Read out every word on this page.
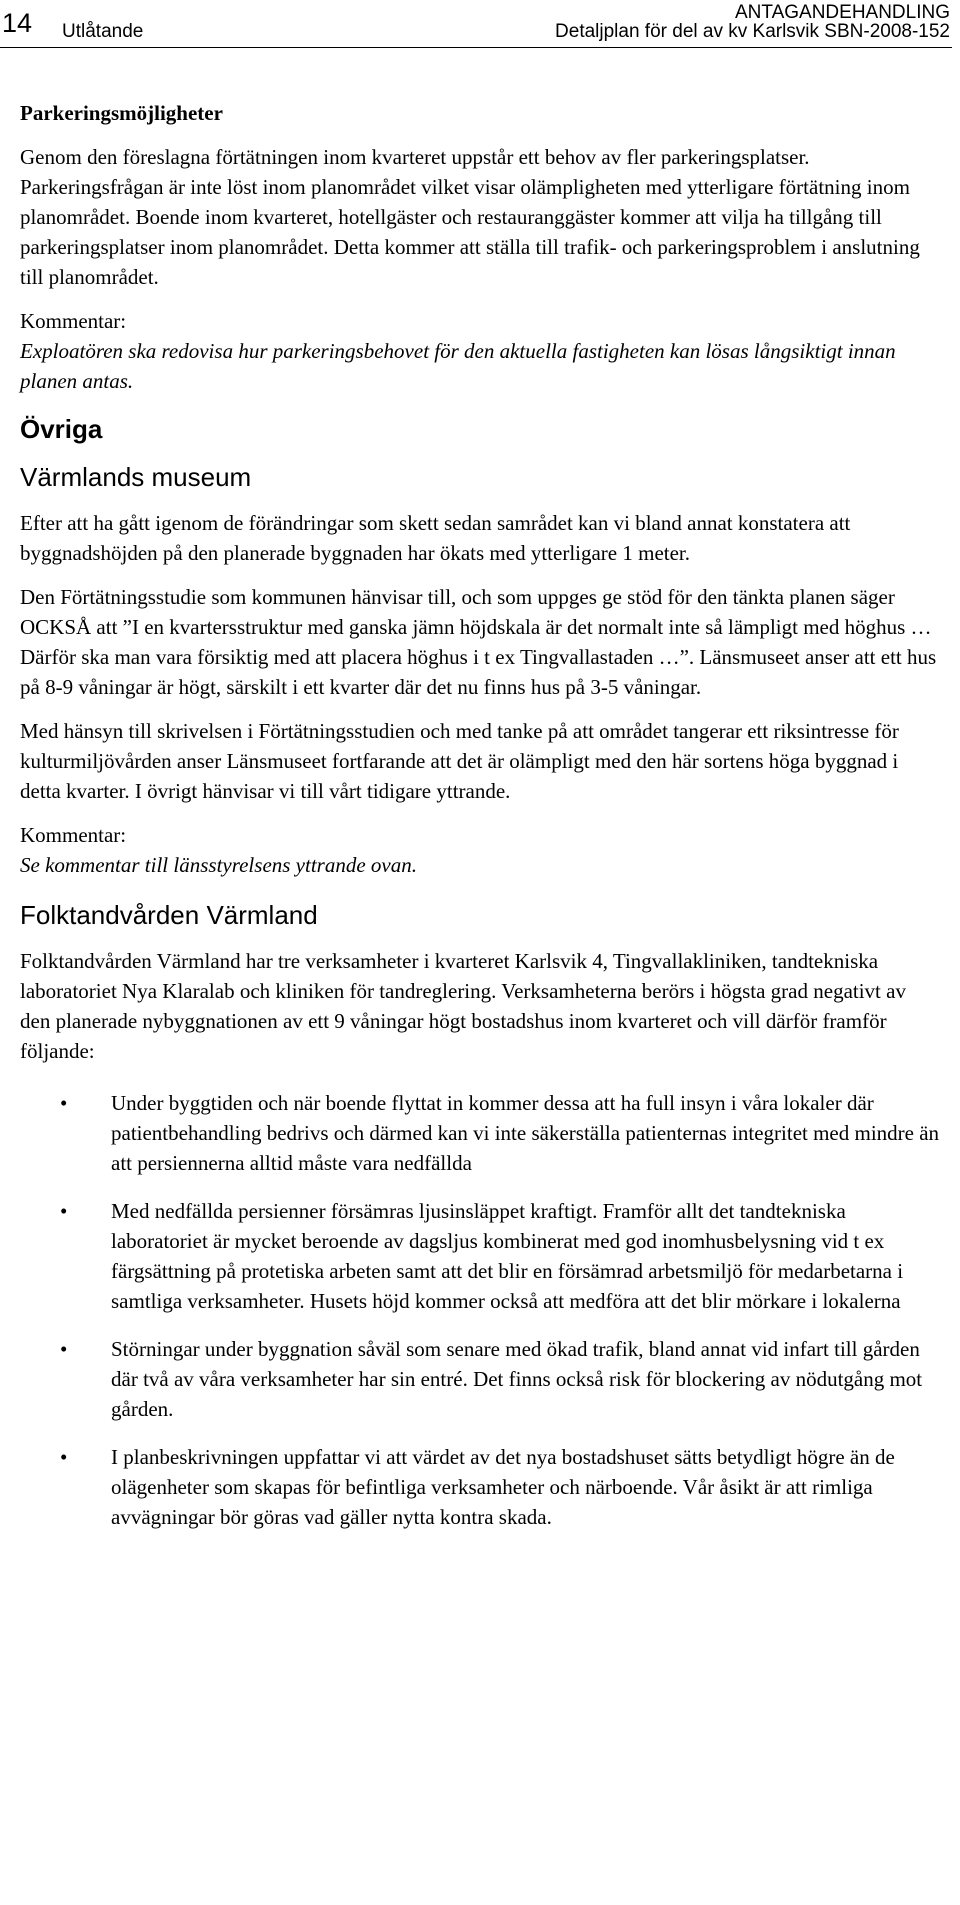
14 Utlåtande
ANTAGANDEHANDLING
Detaljplan för del av kv Karlsvik SBN-2008-152

Parkeringsmöjligheter

Genom den föreslagna förtätningen inom kvarteret uppstår ett behov av fler parkeringsplatser. Parkeringsfrågan är inte löst inom planområdet vilket visar olämpligheten med ytterligare förtätning inom planområdet. Boende inom kvarteret, hotellgäster och restauranggäster kommer att vilja ha tillgång till parkeringsplatser inom planområdet. Detta kommer att ställa till trafik- och parkeringsproblem i anslutning till planområdet.

Kommentar:

Exploatören ska redovisa hur parkeringsbehovet för den aktuella fastigheten kan lösas långsiktigt innan planen antas.

Övriga
Värmlands museum

Efter att ha gått igenom de förändringar som skett sedan samrådet kan vi bland annat konstatera att byggnadshöjden på den planerade byggnaden har ökats med ytterligare 1 meter.

Den Förtätningsstudie som kommunen hänvisar till, och som uppges ge stöd för den tänkta planen säger OCKSÅ att ”I en kvartersstruktur med ganska jämn höjdskala är det normalt inte så lämpligt med höghus … Därför ska man vara försiktig med att placera höghus i t ex Tingvallastaden …”. Länsmuseet anser att ett hus på 8-9 våningar är högt, särskilt i ett kvarter där det nu finns hus på 3-5 våningar.

Med hänsyn till skrivelsen i Förtätningsstudien och med tanke på att området tangerar ett riksintresse för kulturmiljövården anser Länsmuseet fortfarande att det är olämpligt med den här sortens höga byggnad i detta kvarter. I övrigt hänvisar vi till vårt tidigare yttrande.

Kommentar:

Se kommentar till länsstyrelsens yttrande ovan.

Folktandvården Värmland

Folktandvården Värmland har tre verksamheter i kvarteret Karlsvik 4, Tingvallakliniken, tandtekniska laboratoriet Nya Klaralab och kliniken för tandreglering. Verksamheterna berörs i högsta grad negativt av den planerade nybyggnationen av ett 9 våningar högt bostadshus inom kvarteret och vill därför framför följande:

• Under byggtiden och när boende flyttat in kommer dessa att ha full insyn i våra lokaler där patientbehandling bedrivs och därmed kan vi inte säkerställa patienternas integritet med mindre än att persiennerna alltid måste vara nedfällda
• Med nedfällda persienner försämras ljusinsläppet kraftigt. Framför allt det tandtekniska laboratoriet är mycket beroende av dagsljus kombinerat med god inomhusbelysning vid t ex färgsättning på protetiska arbeten samt att det blir en försämrad arbetsmiljö för medarbetarna i samtliga verksamheter. Husets höjd kommer också att medföra att det blir mörkare i lokalerna
• Störningar under byggnation såväl som senare med ökad trafik, bland annat vid infart till gården där två av våra verksamheter har sin entré. Det finns också risk för blockering av nödutgång mot gården.
• I planbeskrivningen uppfattar vi att värdet av det nya bostadshuset sätts betydligt högre än de olägenheter som skapas för befintliga verksamheter och närboende. Vår åsikt är att rimliga avvägningar bör göras vad gäller nytta kontra skada.
